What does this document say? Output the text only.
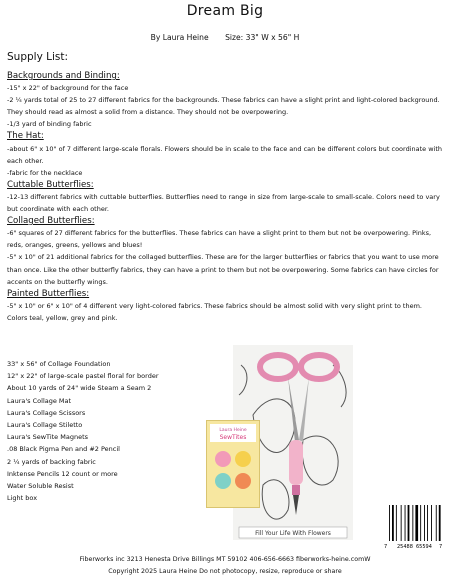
Dream Big
By Laura Heine Size: 33" W x 56" H
Supply List:
Backgrounds and Binding:
-15" x 22" of background for the face
-2 ¼ yards total of 25 to 27 different fabrics for the backgrounds. These fabrics can have a slight print and light-colored background. They should read as almost a solid from a distance. They should not be overpowering.
-1/3 yard of binding fabric
The Hat:
-about 6" x 10" of 7 different large-scale florals. Flowers should be in scale to the face and can be different colors but coordinate with each other.
-fabric for the necklace
Cuttable Butterflies:
-12-13 different fabrics with cuttable butterflies. Butterflies need to range in size from large-scale to small-scale. Colors need to vary but coordinate with each other.
Collaged Butterflies:
-6" squares of 27 different fabrics for the butterflies. These fabrics can have a slight print to them but not be overpowering. Pinks, reds, oranges, greens, yellows and blues!
-5" x 10" of 21 additional fabrics for the collaged butterflies. These are for the larger butterflies or fabrics that you want to use more than once. Like the other butterfly fabrics, they can have a print to them but not be overpowering. Some fabrics can have circles for accents on the butterfly wings.
Painted Butterflies:
-5" x 10" or 6" x 10" of 4 different very light-colored fabrics. These fabrics should be almost solid with very slight print to them. Colors teal, yellow, grey and pink.
33" x 56" of Collage Foundation
12" x 22" of large-scale pastel floral for border
About 10 yards of 24" wide Steam a Seam 2
Laura's Collage Mat
Laura's Collage Scissors
Laura's Collage Stiletto
Laura's SewTite Magnets
.08 Black Pigma Pen and #2 Pencil
2 ¼ yards of backing fabric
Inktense Pencils 12 count or more
Water Soluble Resist
Light box
Fill Your Life With Flowers
Laura Heine
SewTites
7 25488 65594 7
Fiberworks inc 3213 Henesta Drive Billings MT 59102 406-656-6663 fiberworks-heine.comW
Copyright 2025 Laura Heine Do not photocopy, resize, reproduce or share
